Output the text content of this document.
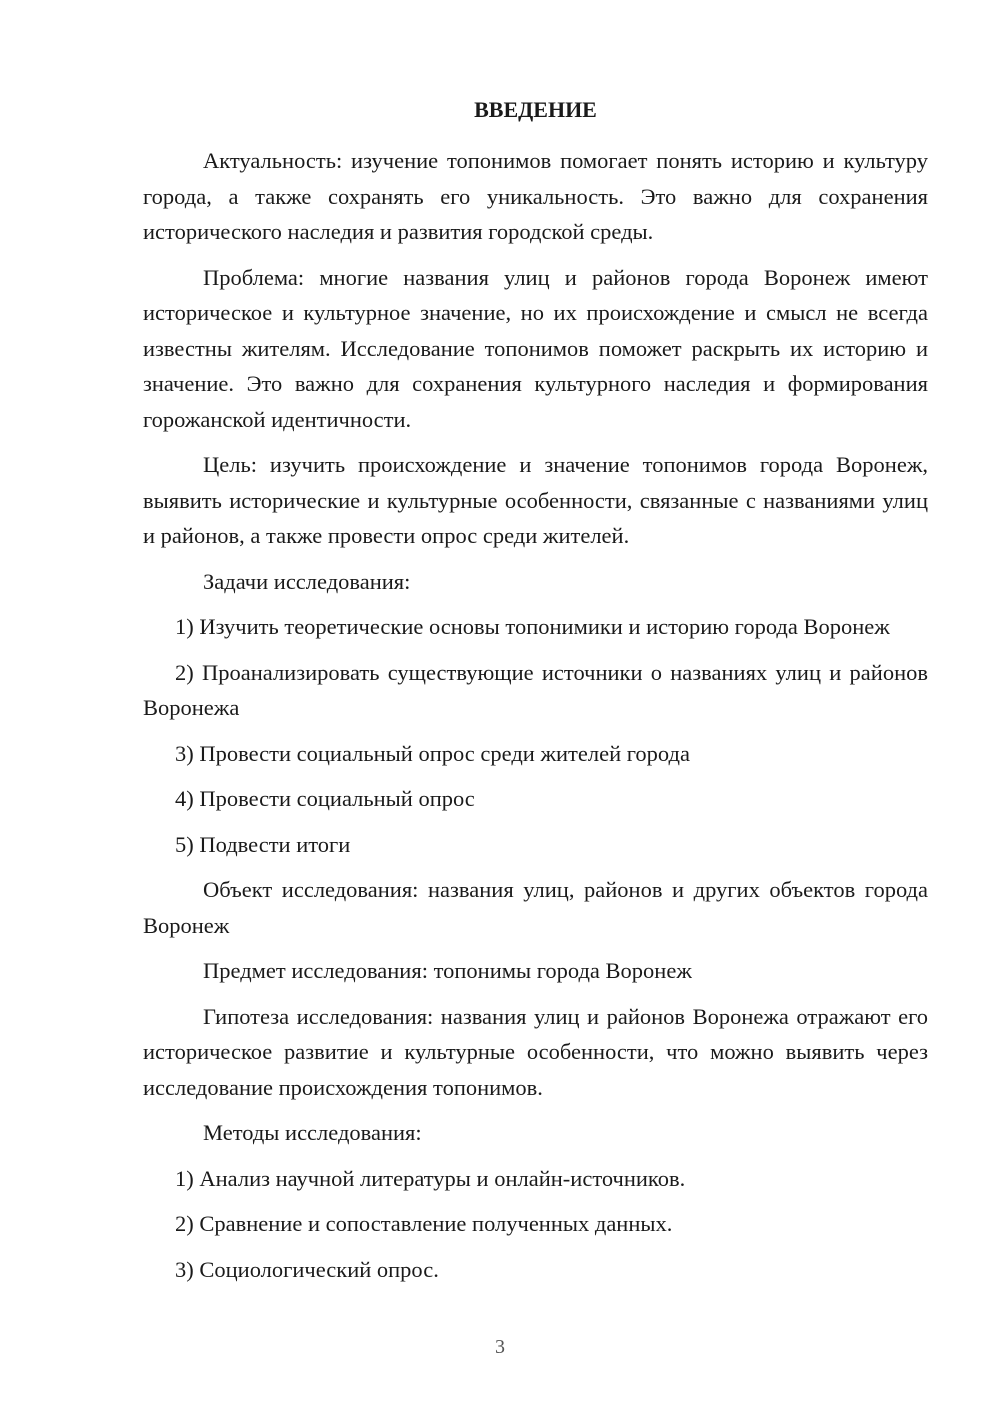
ВВЕДЕНИЕ

Актуальность: изучение топонимов помогает понять историю и культуру города, а также сохранять его уникальность. Это важно для сохранения исторического наследия и развития городской среды.

Проблема: многие названия улиц и районов города Воронеж имеют историческое и культурное значение, но их происхождение и смысл не всегда известны жителям. Исследование топонимов поможет раскрыть их историю и значение. Это важно для сохранения культурного наследия и формирования горожанской идентичности.

Цель: изучить происхождение и значение топонимов города Воронеж, выявить исторические и культурные особенности, связанные с названиями улиц и районов, а также провести опрос среди жителей.

Задачи исследования:

1) Изучить теоретические основы топонимики и историю города Воронеж

2) Проанализировать существующие источники о названиях улиц и районов Воронежа

3) Провести социальный опрос среди жителей города

4) Провести социальный опрос

5) Подвести итоги

Объект исследования: названия улиц, районов и других объектов города Воронеж

Предмет исследования: топонимы города Воронеж

Гипотеза исследования: названия улиц и районов Воронежа отражают его историческое развитие и культурные особенности, что можно выявить через исследование происхождения топонимов.

Методы исследования:

1) Анализ научной литературы и онлайн-источников.

2) Сравнение и сопоставление полученных данных.

3) Социологический опрос.

3
